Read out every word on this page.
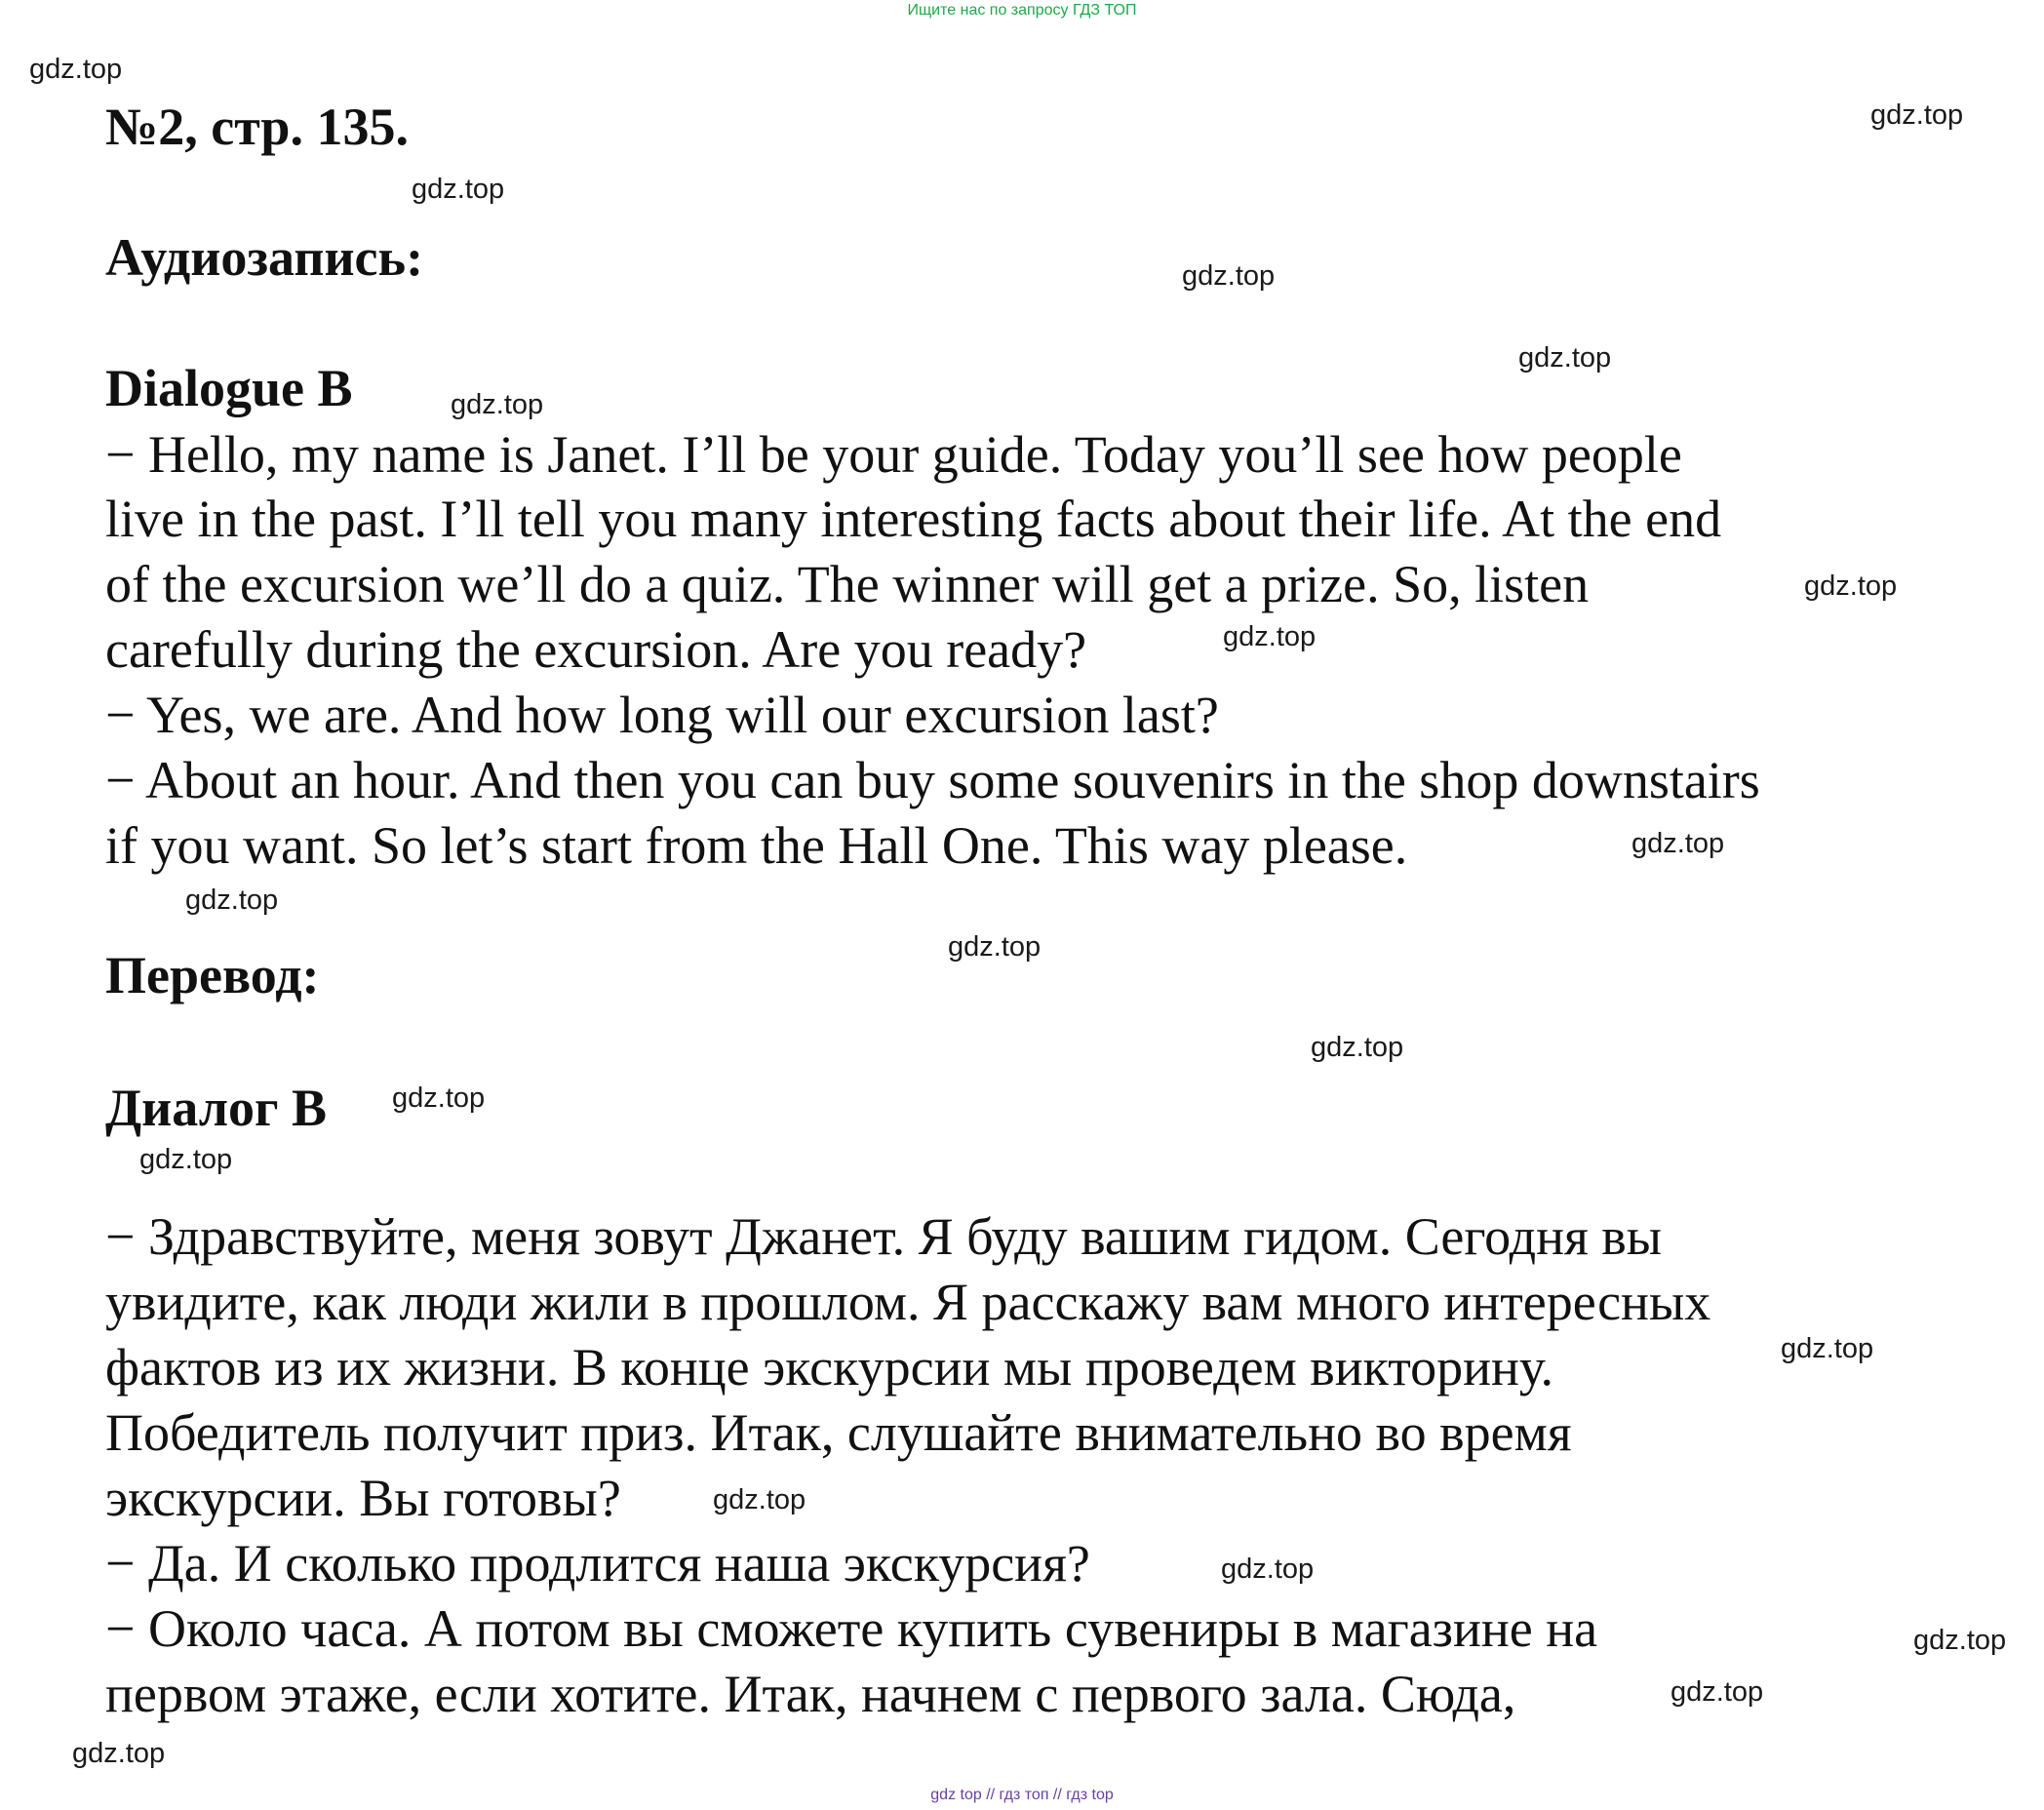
Ищите нас по запросу ГДЗ ТОП
№2, стр. 135.
Аудиозапись:
Dialogue B
− Hello, my name is Janet. I’ll be your guide. Today you’ll see how people
live in the past. I’ll tell you many interesting facts about their life. At the end
of the excursion we’ll do a quiz. The winner will get a prize. So, listen
carefully during the excursion. Are you ready?
− Yes, we are. And how long will our excursion last?
− About an hour. And then you can buy some souvenirs in the shop downstairs
if you want. So let’s start from the Hall One. This way please.
Перевод:
Диалог B
− Здравствуйте, меня зовут Джанет. Я буду вашим гидом. Сегодня вы
увидите, как люди жили в прошлом. Я расскажу вам много интересных
фактов из их жизни. В конце экскурсии мы проведем викторину.
Победитель получит приз. Итак, слушайте внимательно во время
экскурсии. Вы готовы?
− Да. И сколько продлится наша экскурсия?
− Около часа. А потом вы сможете купить сувениры в магазине на
первом этаже, если хотите. Итак, начнем с первого зала. Сюда,
gdz.top
gdz.top
gdz.top
gdz.top
gdz.top
gdz.top
gdz.top
gdz.top
gdz.top
gdz.top
gdz.top
gdz.top
gdz.top
gdz.top
gdz.top
gdz.top
gdz.top
gdz.top
gdz.top
gdz.top
gdz top // гдз топ // гдз top
